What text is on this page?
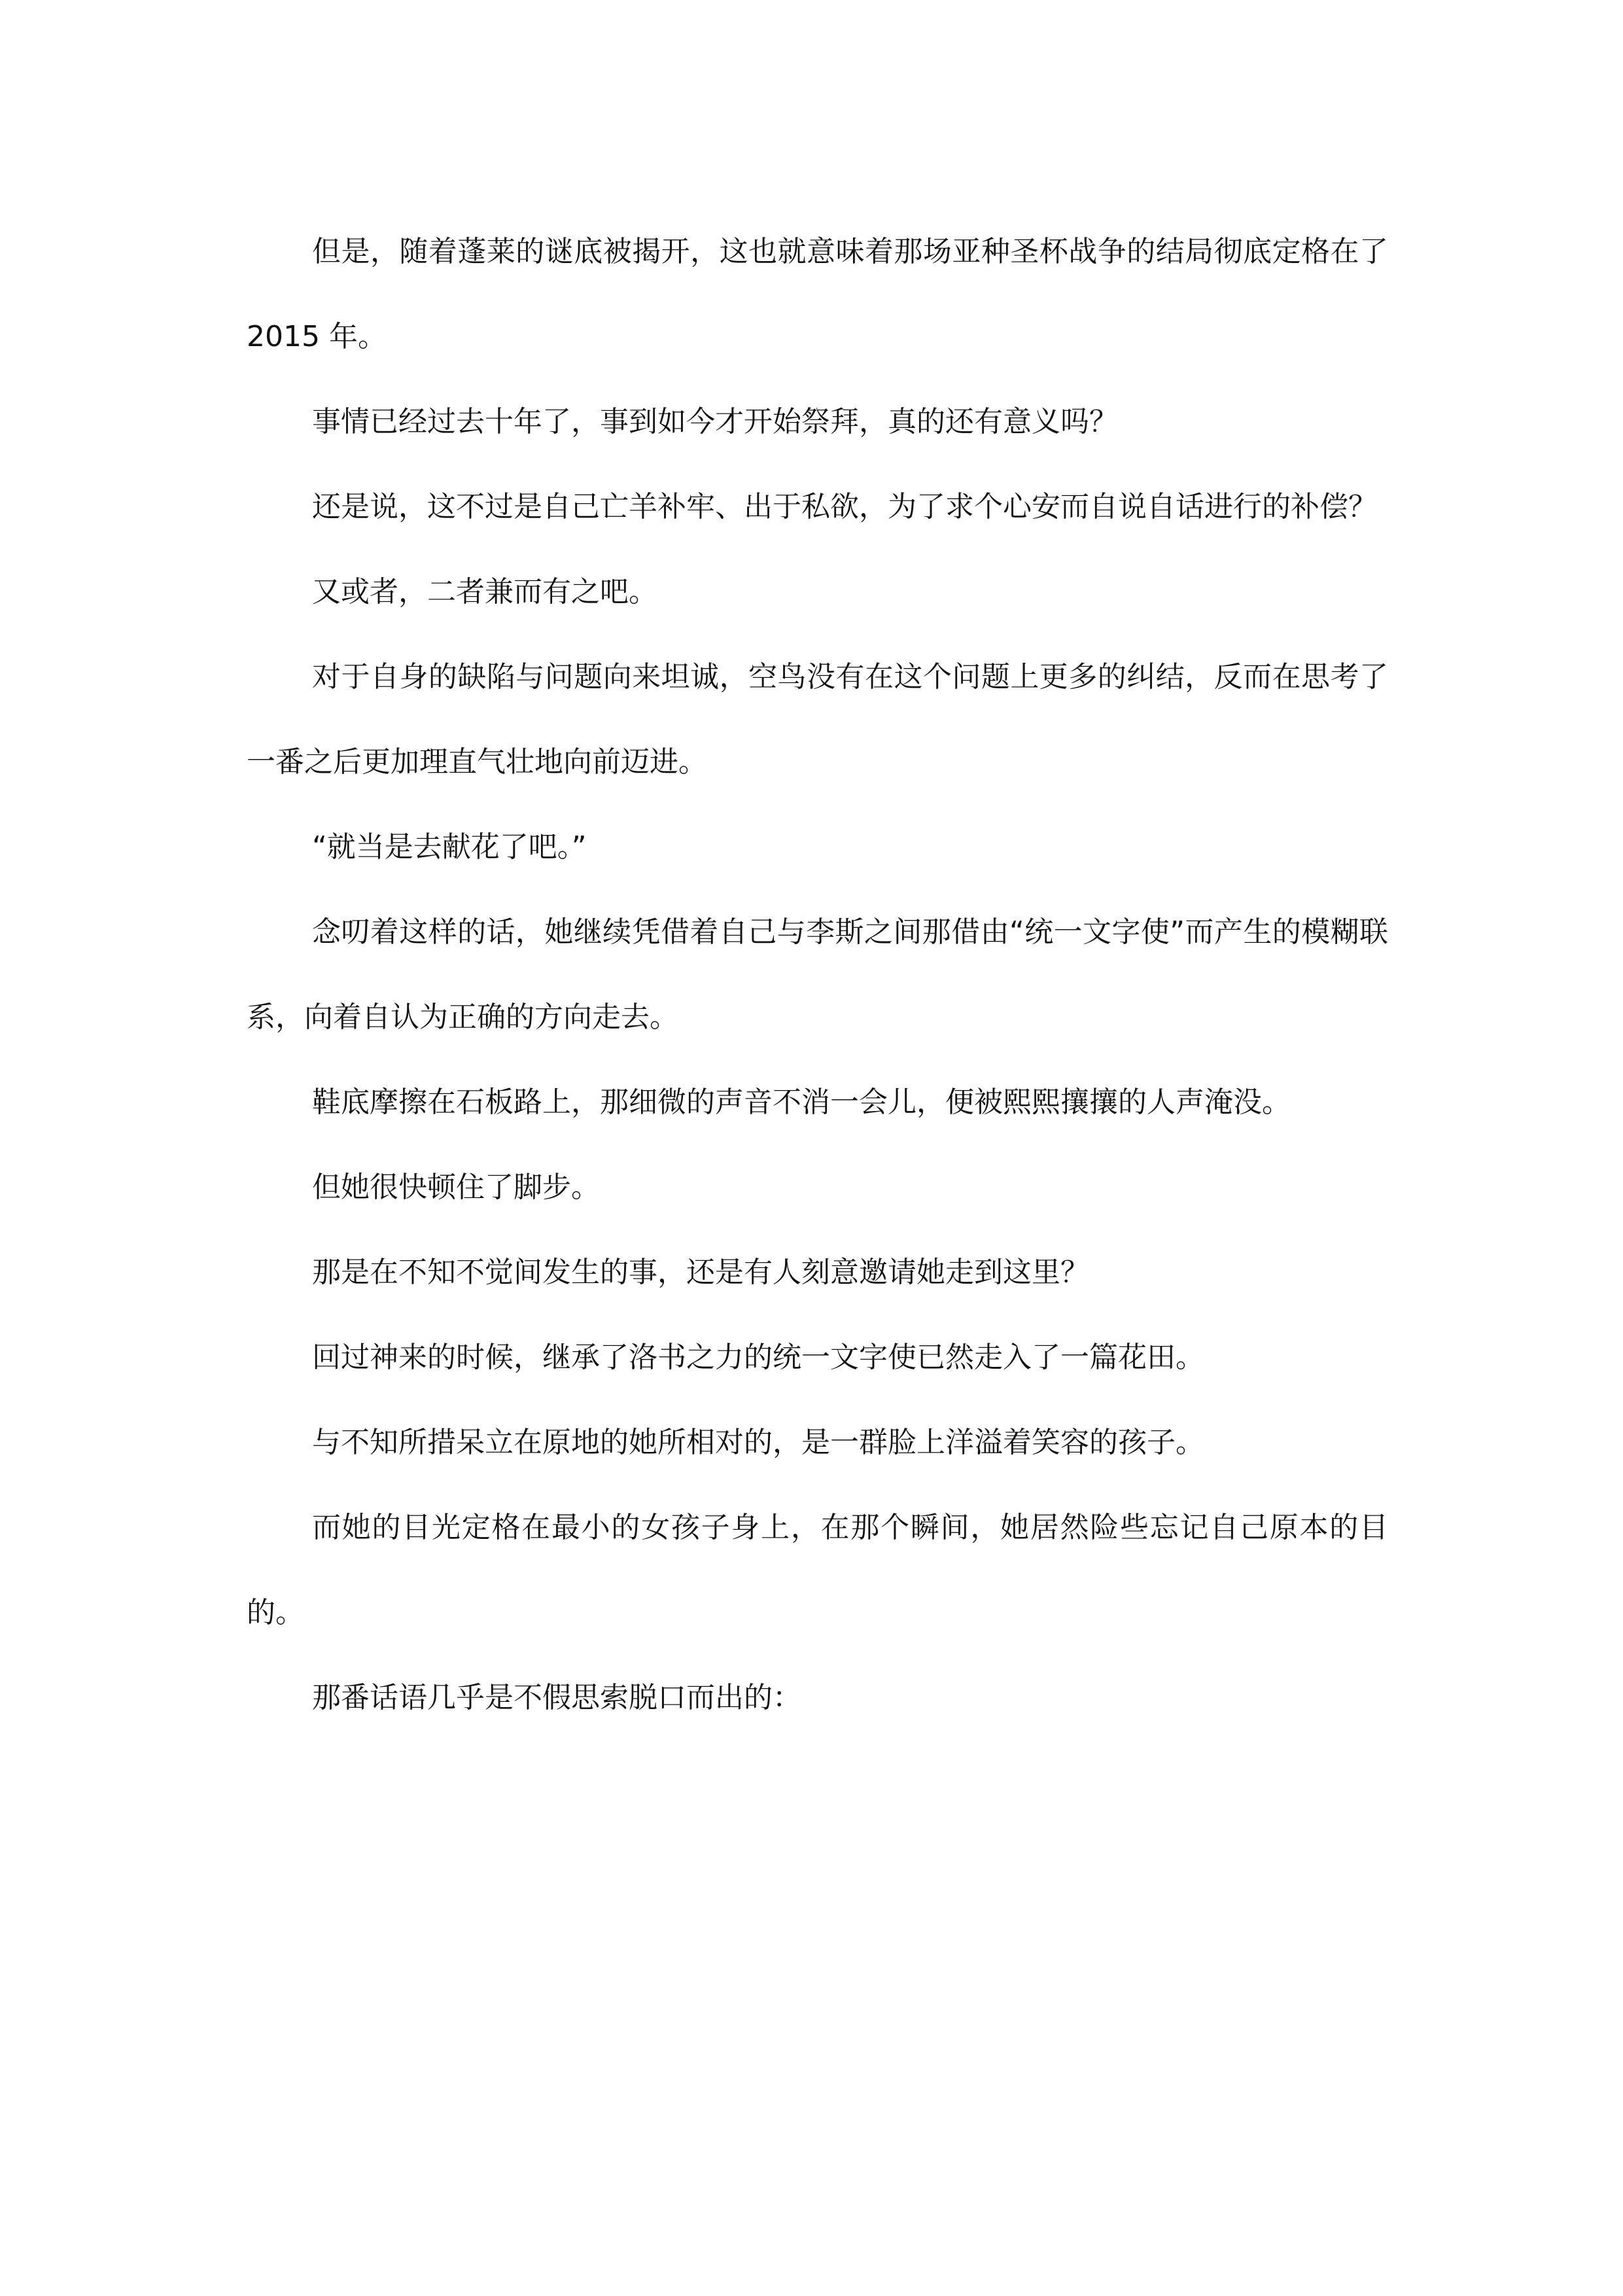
但是，随着蓬莱的谜底被揭开，这也就意味着那场亚种圣杯战争的结局彻底定格在了 2015 年。

事情已经过去十年了，事到如今才开始祭拜，真的还有意义吗？

还是说，这不过是自己亡羊补牢、出于私欲，为了求个心安而自说自话进行的补偿？

又或者，二者兼而有之吧。

对于自身的缺陷与问题向来坦诚，空鸟没有在这个问题上更多的纠结，反而在思考了一番之后更加理直气壮地向前迈进。

“就当是去献花了吧。”

念叨着这样的话，她继续凭借着自己与李斯之间那借由“统一文字使”而产生的模糊联系，向着自认为正确的方向走去。

鞋底摩擦在石板路上，那细微的声音不消一会儿，便被熙熙攘攘的人声淹没。

但她很快顿住了脚步。

那是在不知不觉间发生的事，还是有人刻意邀请她走到这里？

回过神来的时候，继承了洛书之力的统一文字使已然走入了一篇花田。

与不知所措呆立在原地的她所相对的，是一群脸上洋溢着笑容的孩子。

而她的目光定格在最小的女孩子身上，在那个瞬间，她居然险些忘记自己原本的目的。

那番话语几乎是不假思索脱口而出的：
